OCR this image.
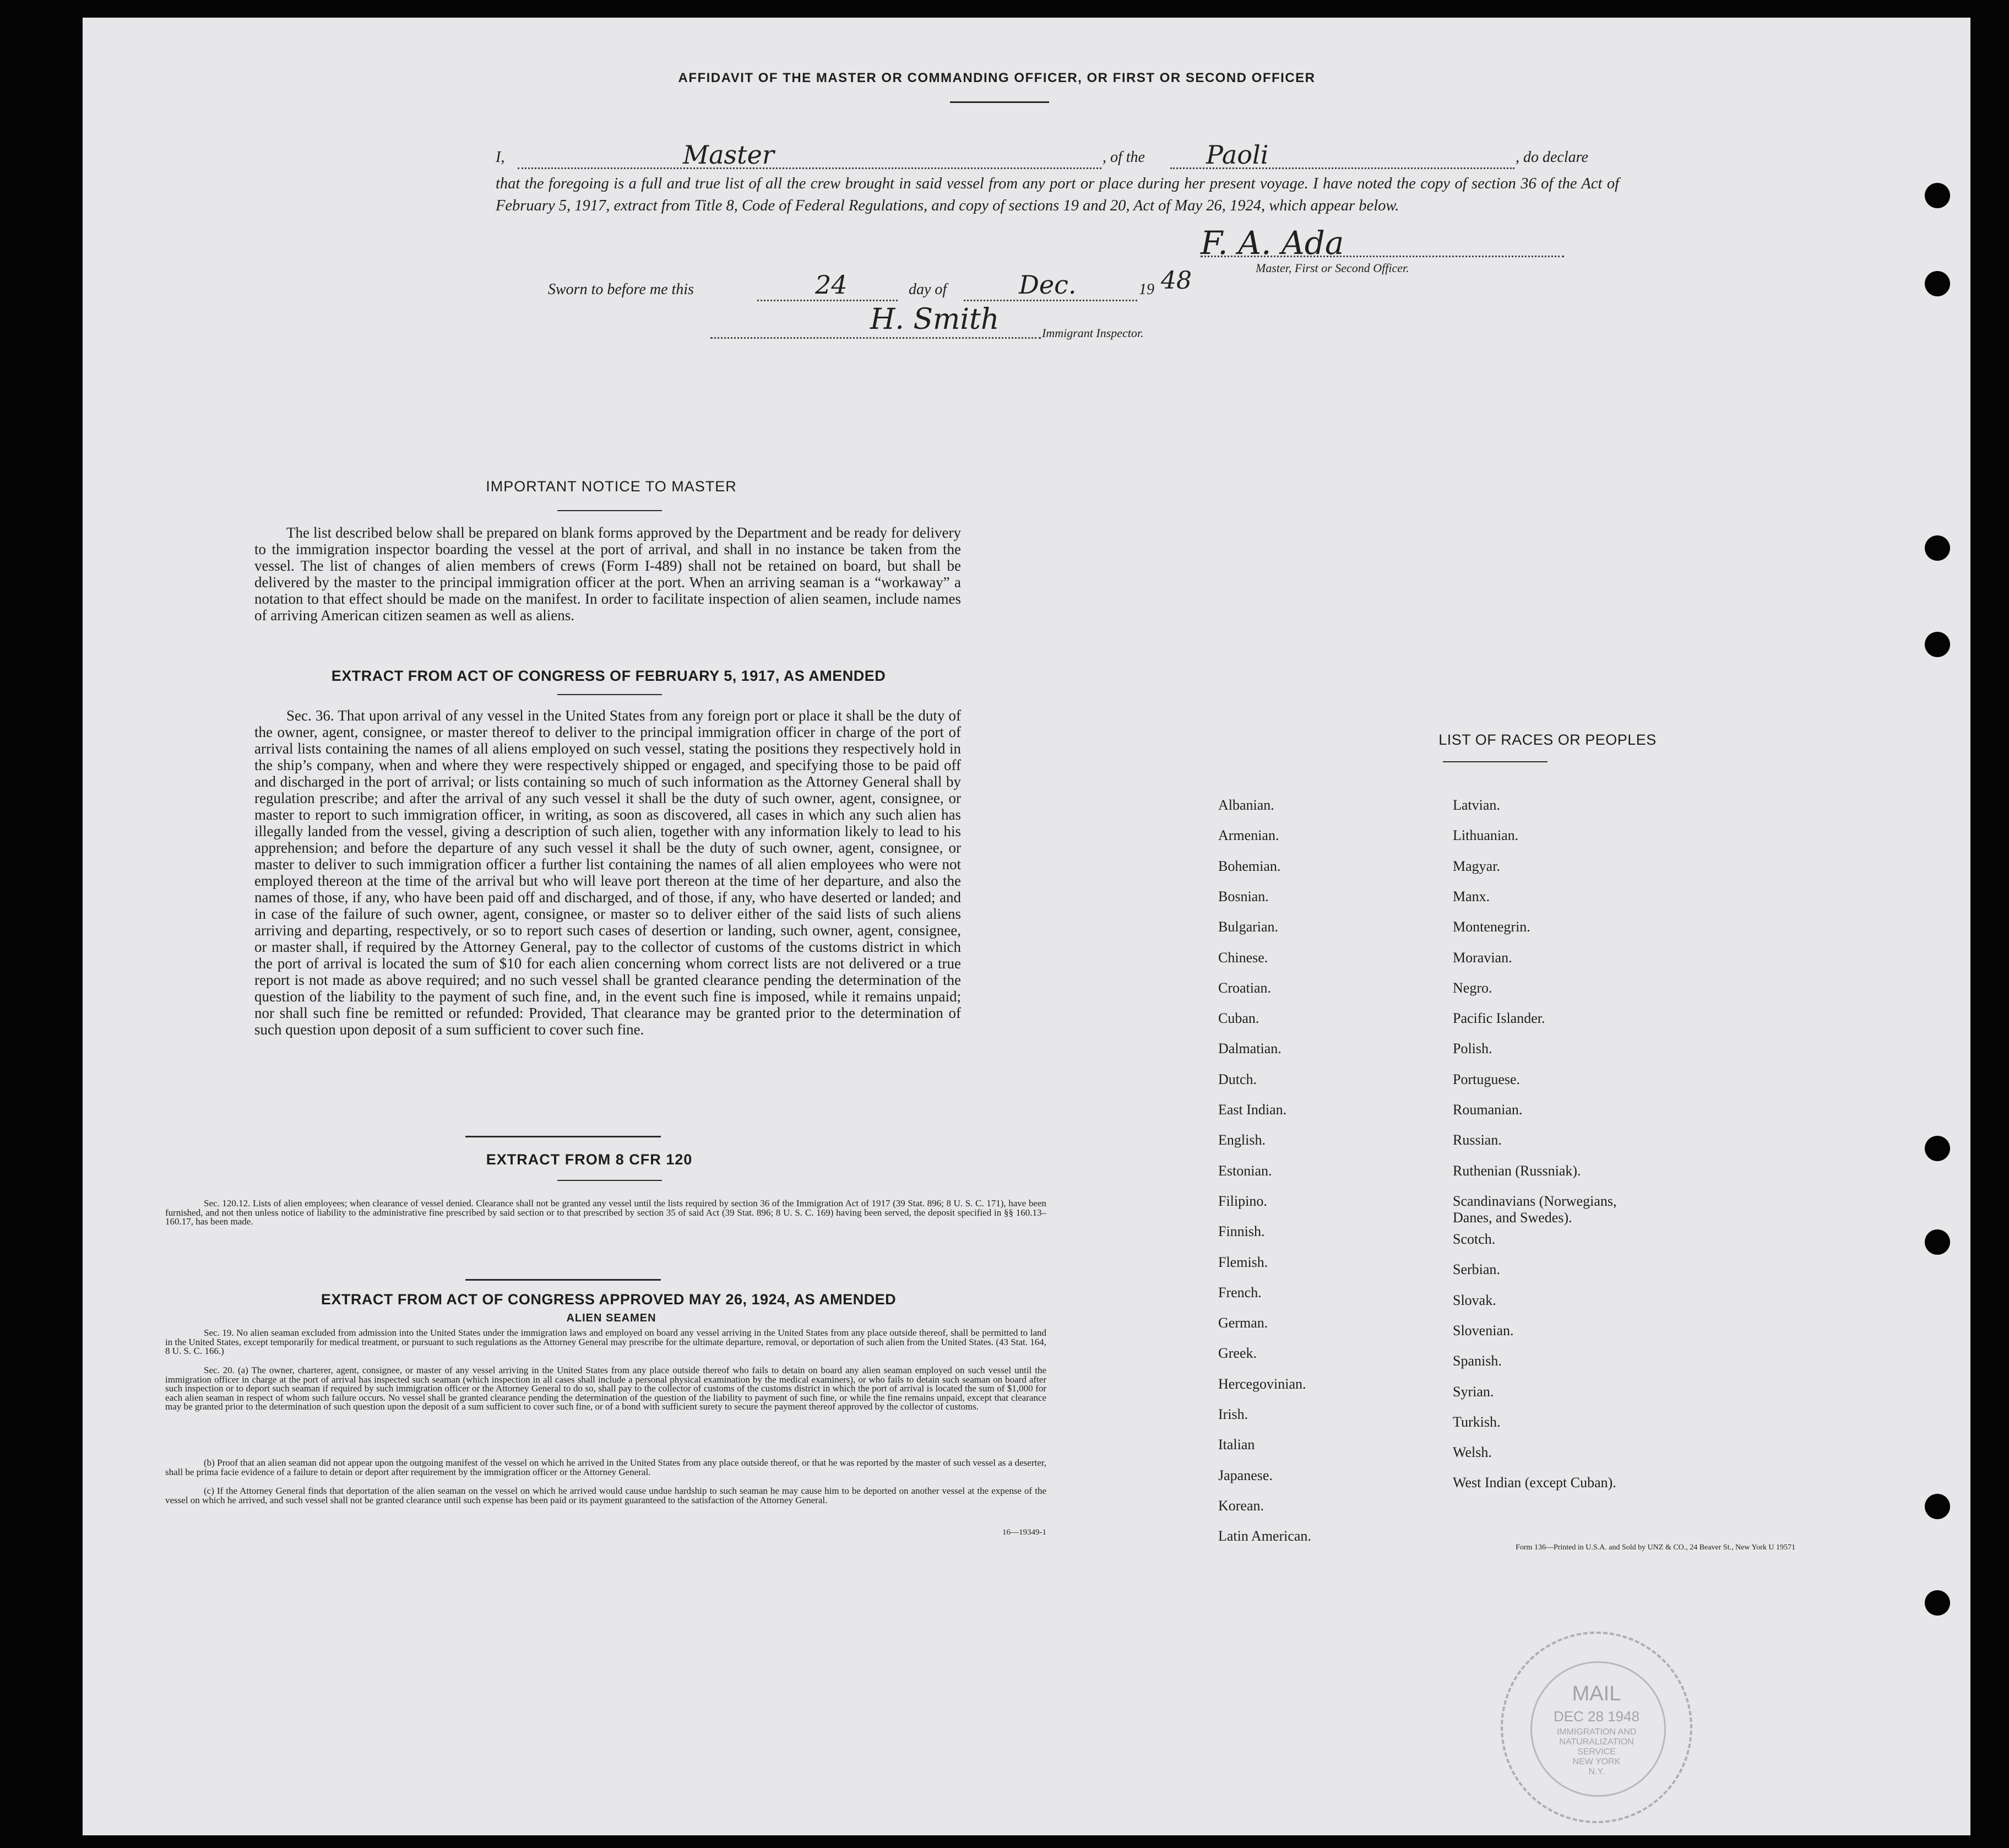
AFFIDAVIT OF THE MASTER OR COMMANDING OFFICER, OR FIRST OR SECOND OFFICER
I,	Master	, of the Paoli	, do declare
that the foregoing is a full and true list of all the crew brought in said vessel from any port or place during her present voyage. I have noted the copy of section 36 of the Act of February 5, 1917, extract from Title 8, Code of Federal Regulations, and copy of sections 19 and 20, Act of May 26, 1924, which appear below.
F. A. Ada
Master, First or Second Officer.
Sworn to before me this	24	day of	Dec.	19 48
H. Smith	Immigrant Inspector.
IMPORTANT NOTICE TO MASTER
The list described below shall be prepared on blank forms approved by the Department and be ready for delivery to the immigration inspector boarding the vessel at the port of arrival, and shall in no instance be taken from the vessel. The list of changes of alien members of crews (Form I-489) shall not be retained on board, but shall be delivered by the master to the principal immigration officer at the port. When an arriving seaman is a “workaway” a notation to that effect should be made on the manifest. In order to facilitate inspection of alien seamen, include names of arriving American citizen seamen as well as aliens.
EXTRACT FROM ACT OF CONGRESS OF FEBRUARY 5, 1917, AS AMENDED
Sec. 36. That upon arrival of any vessel in the United States from any foreign port or place it shall be the duty of the owner, agent, consignee, or master thereof to deliver to the principal immigration officer in charge of the port of arrival lists containing the names of all aliens employed on such vessel, stating the positions they respectively hold in the ship’s company, when and where they were respectively shipped or engaged, and specifying those to be paid off and discharged in the port of arrival; or lists containing so much of such information as the Attorney General shall by regulation prescribe; and after the arrival of any such vessel it shall be the duty of such owner, agent, consignee, or master to report to such immigration officer, in writing, as soon as discovered, all cases in which any such alien has illegally landed from the vessel, giving a description of such alien, together with any information likely to lead to his apprehension; and before the departure of any such vessel it shall be the duty of such owner, agent, consignee, or master to deliver to such immigration officer a further list containing the names of all alien employees who were not employed thereon at the time of the arrival but who will leave port thereon at the time of her departure, and also the names of those, if any, who have been paid off and discharged, and of those, if any, who have deserted or landed; and in case of the failure of such owner, agent, consignee, or master so to deliver either of the said lists of such aliens arriving and departing, respectively, or so to report such cases of desertion or landing, such owner, agent, consignee, or master shall, if required by the Attorney General, pay to the collector of customs of the customs district in which the port of arrival is located the sum of $10 for each alien concerning whom correct lists are not delivered or a true report is not made as above required; and no such vessel shall be granted clearance pending the determination of the question of the liability to the payment of such fine, and, in the event such fine is imposed, while it remains unpaid; nor shall such fine be remitted or refunded: Provided, That clearance may be granted prior to the determination of such question upon deposit of a sum sufficient to cover such fine.
EXTRACT FROM 8 CFR 120
Sec. 120.12. Lists of alien employees; when clearance of vessel denied. Clearance shall not be granted any vessel until the lists required by section 36 of the Immigration Act of 1917 (39 Stat. 896; 8 U. S. C. 171), have been furnished, and not then unless notice of liability to the administrative fine prescribed by said section or to that prescribed by section 35 of said Act (39 Stat. 896; 8 U. S. C. 169) having been served, the deposit specified in §§ 160.13–160.17, has been made.
EXTRACT FROM ACT OF CONGRESS APPROVED MAY 26, 1924, AS AMENDED
ALIEN SEAMEN
Sec. 19. No alien seaman excluded from admission into the United States under the immigration laws and employed on board any vessel arriving in the United States from any place outside thereof, shall be permitted to land in the United States, except temporarily for medical treatment, or pursuant to such regulations as the Attorney General may prescribe for the ultimate departure, removal, or deportation of such alien from the United States. (43 Stat. 164, 8 U. S. C. 166.)
Sec. 20. (a) The owner, charterer, agent, consignee, or master of any vessel arriving in the United States from any place outside thereof who fails to detain on board any alien seaman employed on such vessel until the immigration officer in charge at the port of arrival has inspected such seaman (which inspection in all cases shall include a personal physical examination by the medical examiners), or who fails to detain such seaman on board after such inspection or to deport such seaman if required by such immigration officer or the Attorney General to do so, shall pay to the collector of customs of the customs district in which the port of arrival is located the sum of $1,000 for each alien seaman in respect of whom such failure occurs. No vessel shall be granted clearance pending the determination of the question of the liability to payment of such fine, or while the fine remains unpaid, except that clearance may be granted prior to the determination of such question upon the deposit of a sum sufficient to cover such fine, or of a bond with sufficient surety to secure the payment thereof approved by the collector of customs.
(b) Proof that an alien seaman did not appear upon the outgoing manifest of the vessel on which he arrived in the United States from any place outside thereof, or that he was reported by the master of such vessel as a deserter, shall be prima facie evidence of a failure to detain or deport after requirement by the immigration officer or the Attorney General.
(c) If the Attorney General finds that deportation of the alien seaman on the vessel on which he arrived would cause undue hardship to such seaman he may cause him to be deported on another vessel at the expense of the vessel on which he arrived, and such vessel shall not be granted clearance until such expense has been paid or its payment guaranteed to the satisfaction of the Attorney General.
16—19349-1
LIST OF RACES OR PEOPLES
Form 136—Printed in U.S.A. and Sold by UNZ & CO., 24 Beaver St., New York U 19571
MAIL
DEC 28 1948
IMMIGRATION AND
NATURALIZATION
SERVICE
NEW YORK
N.Y.
Albanian.
Armenian.
Bohemian.
Bosnian.
Bulgarian.
Chinese.
Croatian.
Cuban.
Dalmatian.
Dutch.
East Indian.
English.
Estonian.
Filipino.
Finnish.
Flemish.
French.
German.
Greek.
Hercegovinian.
Irish.
Italian
Japanese.
Korean.
Latin American.
Latvian.
Lithuanian.
Magyar.
Manx.
Montenegrin.
Moravian.
Negro.
Pacific Islander.
Polish.
Portuguese.
Roumanian.
Russian.
Ruthenian (Russniak).
Scandinavians (Norwegians,
Danes, and Swedes).
Scotch.
Serbian.
Slovak.
Slovenian.
Spanish.
Syrian.
Turkish.
Welsh.
West Indian (except Cuban).
